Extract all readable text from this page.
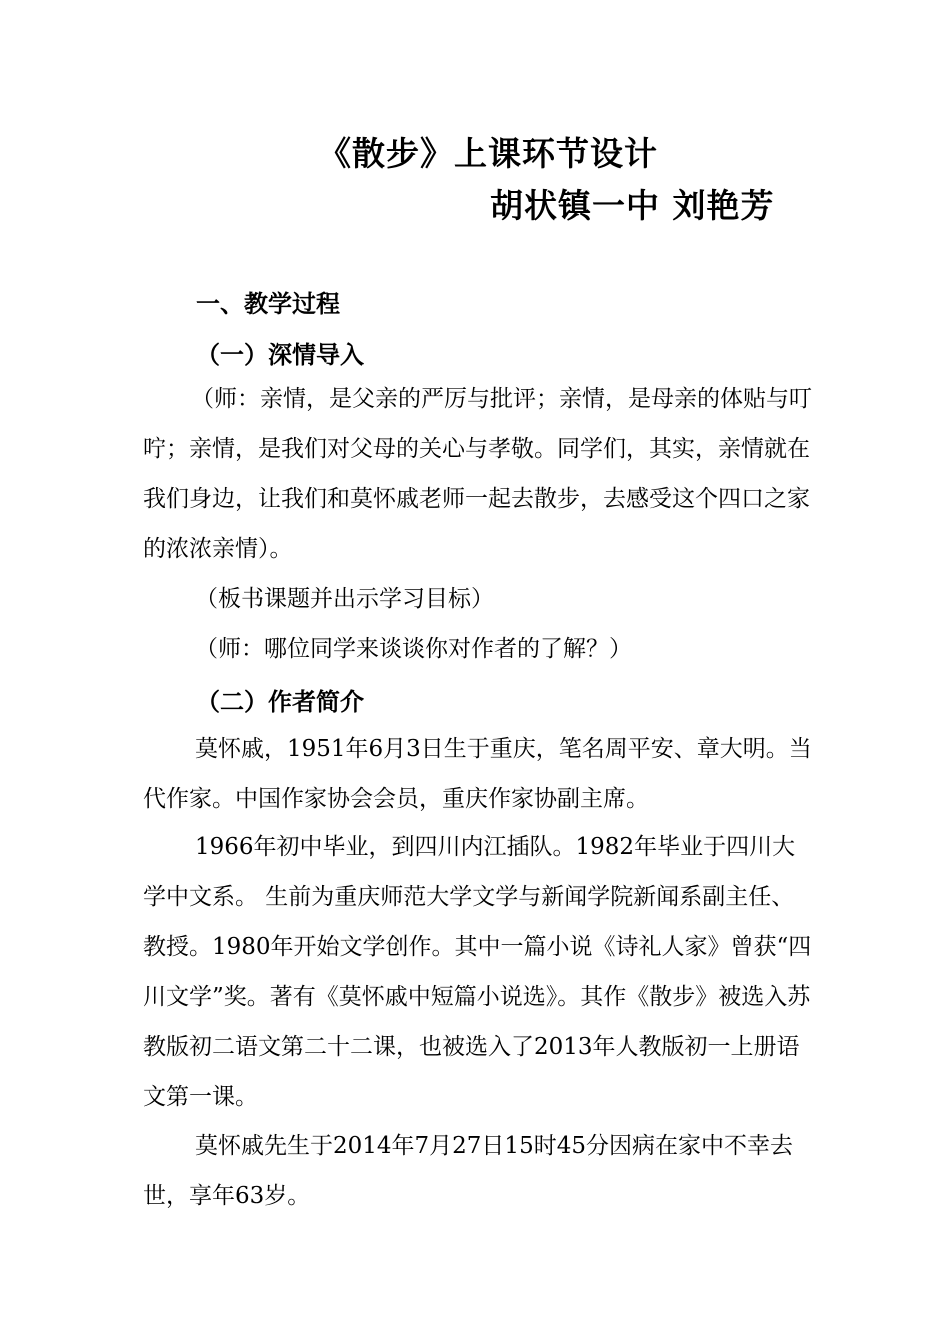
《散步》上课环节设计
胡状镇一中 刘艳芳
一、教学过程
（一）深情导入

（师：亲情，是父亲的严厉与批评；亲情，是母亲的体贴与叮咛；亲情，是我们对父母的关心与孝敬。同学们，其实，亲情就在我们身边，让我们和莫怀戚老师一起去散步，去感受这个四口之家的浓浓亲情）。

（板书课题并出示学习目标）

（师：哪位同学来谈谈你对作者的了解？）

（二）作者简介

莫怀戚，1951年6月3日生于重庆，笔名周平安、章大明。当代作家。中国作家协会会员，重庆作家协副主席。

1966年初中毕业，到四川内江插队。1982年毕业于四川大学中文系。 生前为重庆师范大学文学与新闻学院新闻系副主任、教授。1980年开始文学创作。其中一篇小说《诗礼人家》曾获“四川文学”奖。著有《莫怀戚中短篇小说选》。其作《散步》被选入苏教版初二语文第二十二课，也被选入了2013年人教版初一上册语文第一课。

莫怀戚先生于2014年7月27日15时45分因病在家中不幸去世，享年63岁。
